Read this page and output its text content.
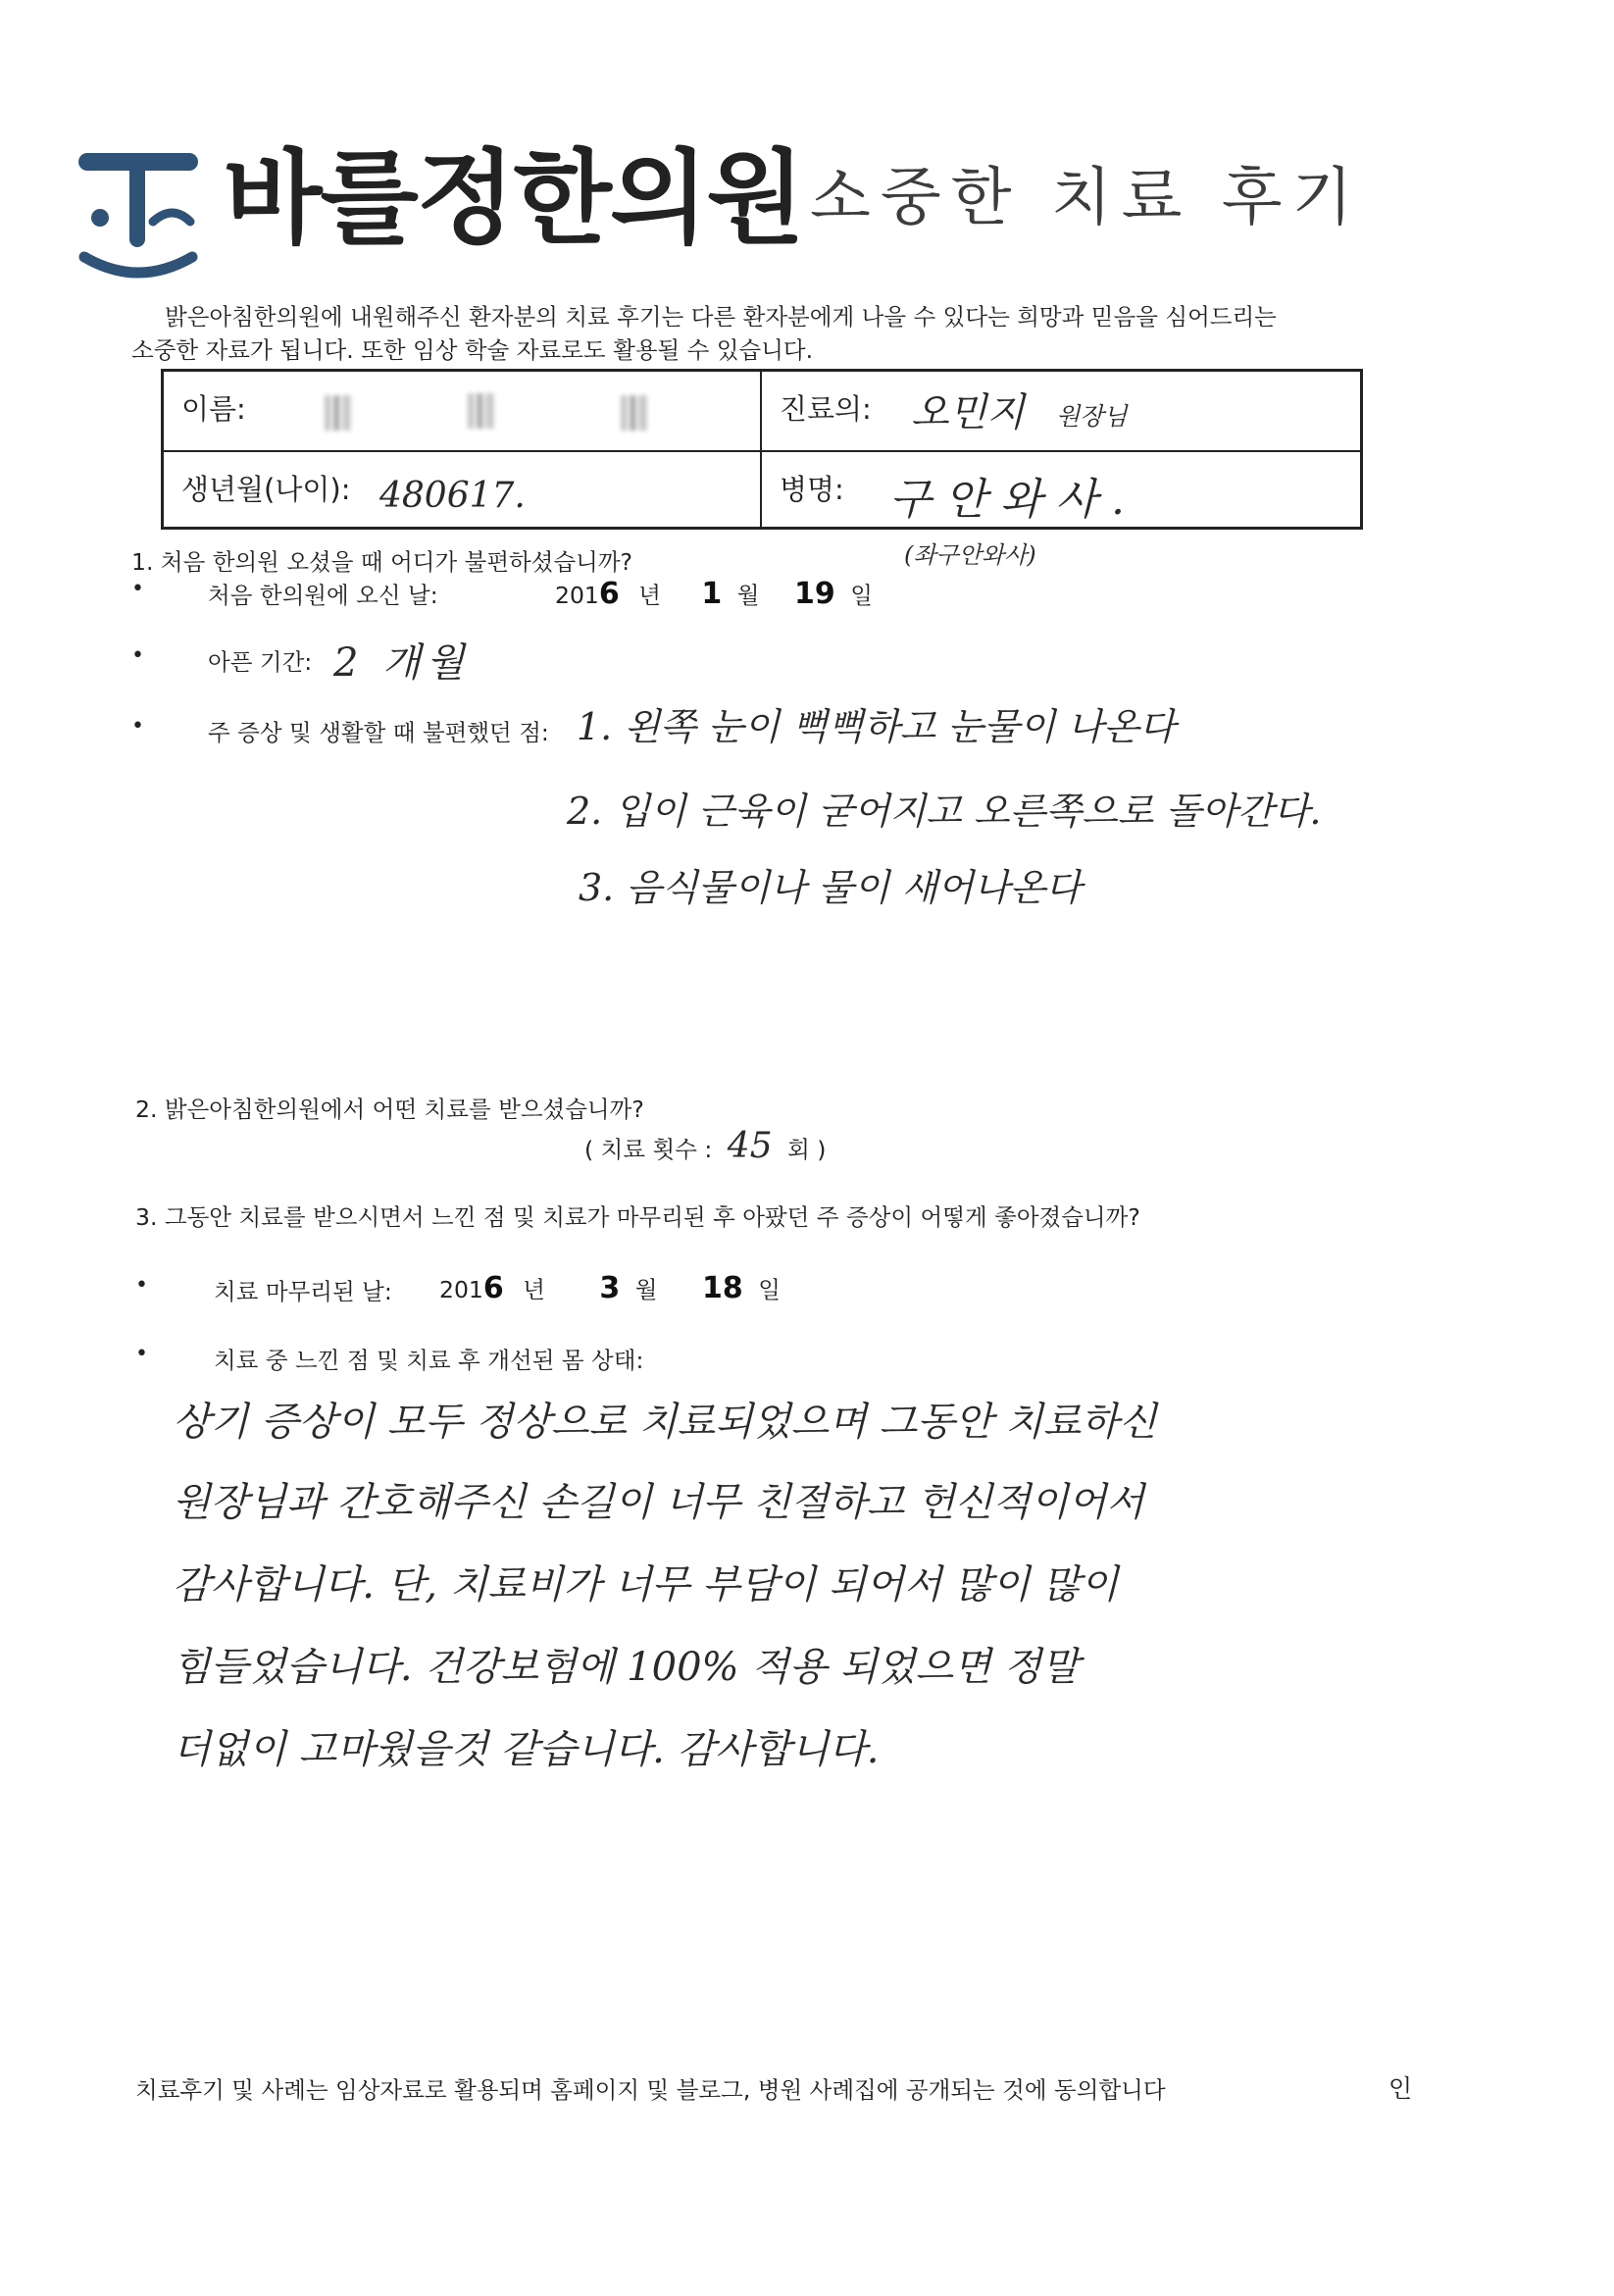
바를정한의원 소중한 치료 후기
밝은아침한의원에 내원해주신 환자분의 치료 후기는 다른 환자분에게 나을 수 있다는 희망과 믿음을 심어드리는
소중한 자료가 됩니다. 또한 임상 학술 자료로도 활용될 수 있습니다.
이름:	진료의: 오민지 원장님
생년월(나이): 480617.	병명: 구안와사.
(좌구안와사)
1. 처음 한의원 오셨을 때 어디가 불편하셨습니까?
•	처음 한의원에 오신 날:	2016 년 1 월 19 일
•	아픈 기간: 2 개월
•	주 증상 및 생활할 때 불편했던 점: 1. 왼쪽 눈이 뻑뻑하고 눈물이 나온다
2. 입이 근육이 굳어지고 오른쪽으로 돌아간다.
3. 음식물이나 물이 새어나온다
2. 밝은아침한의원에서 어떤 치료를 받으셨습니까?
( 치료 횟수 : 45 회 )
3. 그동안 치료를 받으시면서 느낀 점 및 치료가 마무리된 후 아팠던 주 증상이 어떻게 좋아졌습니까?
•	치료 마무리된 날: 2016 년 3 월 18 일
•	치료 중 느낀 점 및 치료 후 개선된 몸 상태:
상기 증상이 모두 정상으로 치료되었으며 그동안 치료하신
원장님과 간호해주신 손길이 너무 친절하고 헌신적이어서
감사합니다. 단, 치료비가 너무 부담이 되어서 많이 많이
힘들었습니다. 건강보험에 100% 적용 되었으면 정말
더없이 고마웠을것 같습니다. 감사합니다.
치료후기 및 사례는 임상자료로 활용되며 홈페이지 및 블로그, 병원 사례집에 공개되는 것에 동의합니다	인
